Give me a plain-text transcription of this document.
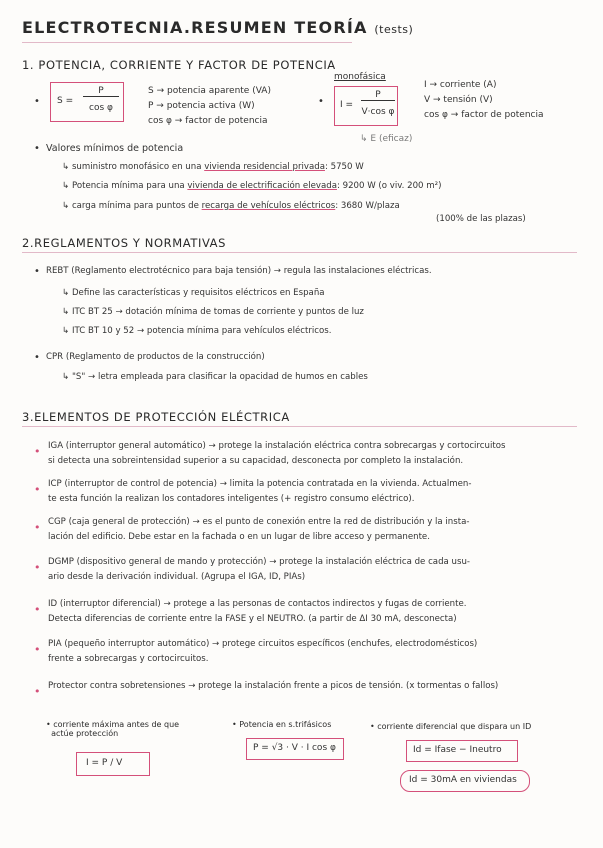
ELECTROTECNIA.RESUMEN TEORÍA (tests)
1. POTENCIA, CORRIENTE Y FACTOR DE POTENCIA
• S =
P
cos φ
S → potencia aparente (VA)
P → potencia activa (W)
cos φ → factor de potencia
monofásica
• I =
P
V·cos φ
↳ E (eficaz)
I → corriente (A)
V → tensión (V)
cos φ → factor de potencia
• Valores mínimos de potencia
↳ suministro monofásico en una vivienda residencial privada: 5750 W
↳ Potencia mínima para una vivienda de electrificación elevada: 9200 W (o viv. 200 m²)
↳ carga mínima para puntos de recarga de vehículos eléctricos: 3680 W/plaza
(100% de las plazas)
2.REGLAMENTOS Y NORMATIVAS
• REBT (Reglamento electrotécnico para baja tensión) → regula las instalaciones eléctricas.
↳ Define las características y requisitos eléctricos en España
↳ ITC BT 25 → dotación mínima de tomas de corriente y puntos de luz
↳ ITC BT 10 y 52 → potencia mínima para vehículos eléctricos.
• CPR (Reglamento de productos de la construcción)
↳ "S" → letra empleada para clasificar la opacidad de humos en cables
3.ELEMENTOS DE PROTECCIÓN ELÉCTRICA
• IGA (interruptor general automático) → protege la instalación eléctrica contra sobrecargas y cortocircuitos
si detecta una sobreintensidad superior a su capacidad, desconecta por completo la instalación.
• ICP (interruptor de control de potencia) → limita la potencia contratada en la vivienda. Actualmen-
te esta función la realizan los contadores inteligentes (+ registro consumo eléctrico).
• CGP (caja general de protección) → es el punto de conexión entre la red de distribución y la insta-
lación del edificio. Debe estar en la fachada o en un lugar de libre acceso y permanente.
• DGMP (dispositivo general de mando y protección) → protege la instalación eléctrica de cada usu-
ario desde la derivación individual. (Agrupa el IGA, ID, PIAs)
• ID (interruptor diferencial) → protege a las personas de contactos indirectos y fugas de corriente.
Detecta diferencias de corriente entre la FASE y el NEUTRO. (a partir de ΔI 30 mA, desconecta)
• PIA (pequeño interruptor automático) → protege circuitos específicos (enchufes, electrodomésticos)
frente a sobrecargas y cortocircuitos.
• Protector contra sobretensiones → protege la instalación frente a picos de tensión. (x tormentas o fallos)
• corriente máxima antes de que
actúe protección
I = P / V
• Potencia en s.trifásicos
P = √3 · V · I cos φ
• corriente diferencial que dispara un ID
Id = Ifase − Ineutro
Id = 30mA en viviendas
